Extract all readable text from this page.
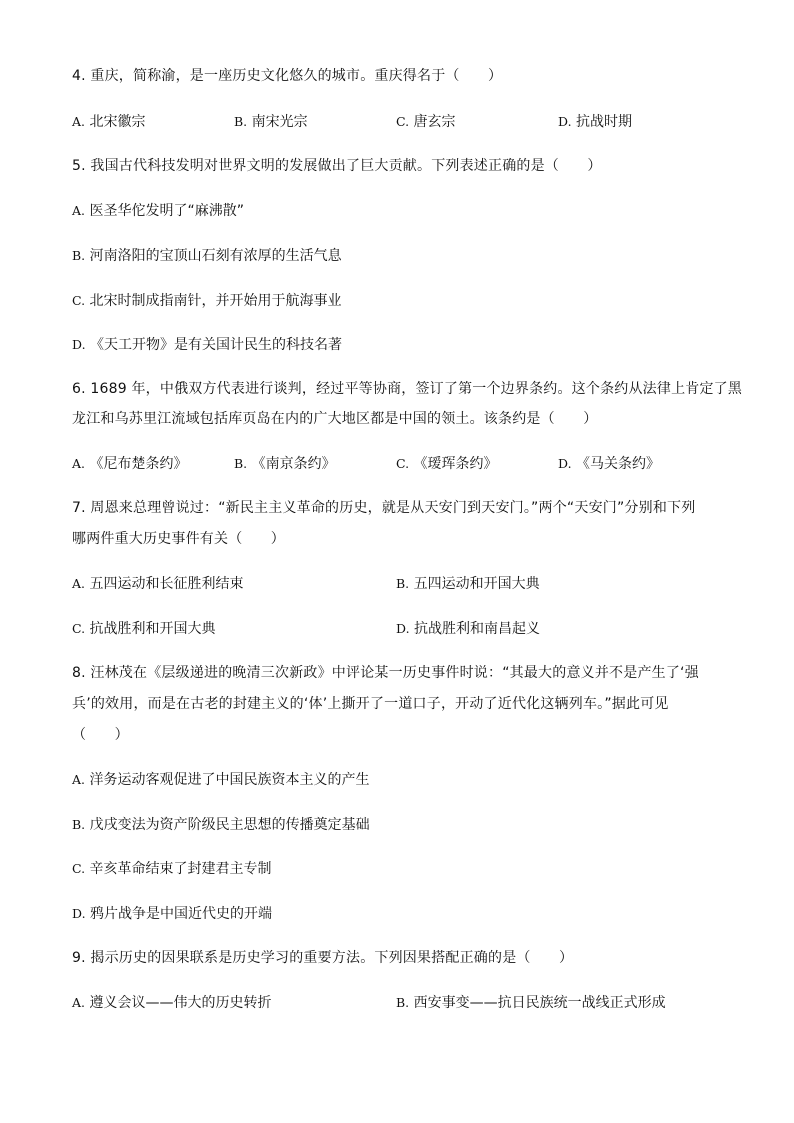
4. 重庆，简称渝，是一座历史文化悠久的城市。重庆得名于（　　）
A. 北宋徽宗	B. 南宋光宗	C. 唐玄宗	D. 抗战时期
5. 我国古代科技发明对世界文明的发展做出了巨大贡献。下列表述正确的是（　　）
A. 医圣华佗发明了“麻沸散”
B. 河南洛阳的宝顶山石刻有浓厚的生活气息
C. 北宋时制成指南针，并开始用于航海事业
D. 《天工开物》是有关国计民生的科技名著
6. 1689 年，中俄双方代表进行谈判，经过平等协商，签订了第一个边界条约。这个条约从法律上肯定了黑
龙江和乌苏里江流域包括库页岛在内的广大地区都是中国的领土。该条约是（　　）
A. 《尼布楚条约》	B. 《南京条约》	C. 《瑷珲条约》	D. 《马关条约》
7. 周恩来总理曾说过：“新民主主义革命的历史，就是从天安门到天安门。”两个“天安门”分别和下列
哪两件重大历史事件有关（　　）
A. 五四运动和长征胜利结束	B. 五四运动和开国大典
C. 抗战胜利和开国大典	D. 抗战胜利和南昌起义
8. 汪林茂在《层级递进的晚清三次新政》中评论某一历史事件时说：“其最大的意义并不是产生了‘强
兵’的效用，而是在古老的封建主义的‘体’上撕开了一道口子，开动了近代化这辆列车。”据此可见
（　　）
A. 洋务运动客观促进了中国民族资本主义的产生
B. 戊戌变法为资产阶级民主思想的传播奠定基础
C. 辛亥革命结束了封建君主专制
D. 鸦片战争是中国近代史的开端
9. 揭示历史的因果联系是历史学习的重要方法。下列因果搭配正确的是（　　）
A. 遵义会议——伟大的历史转折	B. 西安事变——抗日民族统一战线正式形成
